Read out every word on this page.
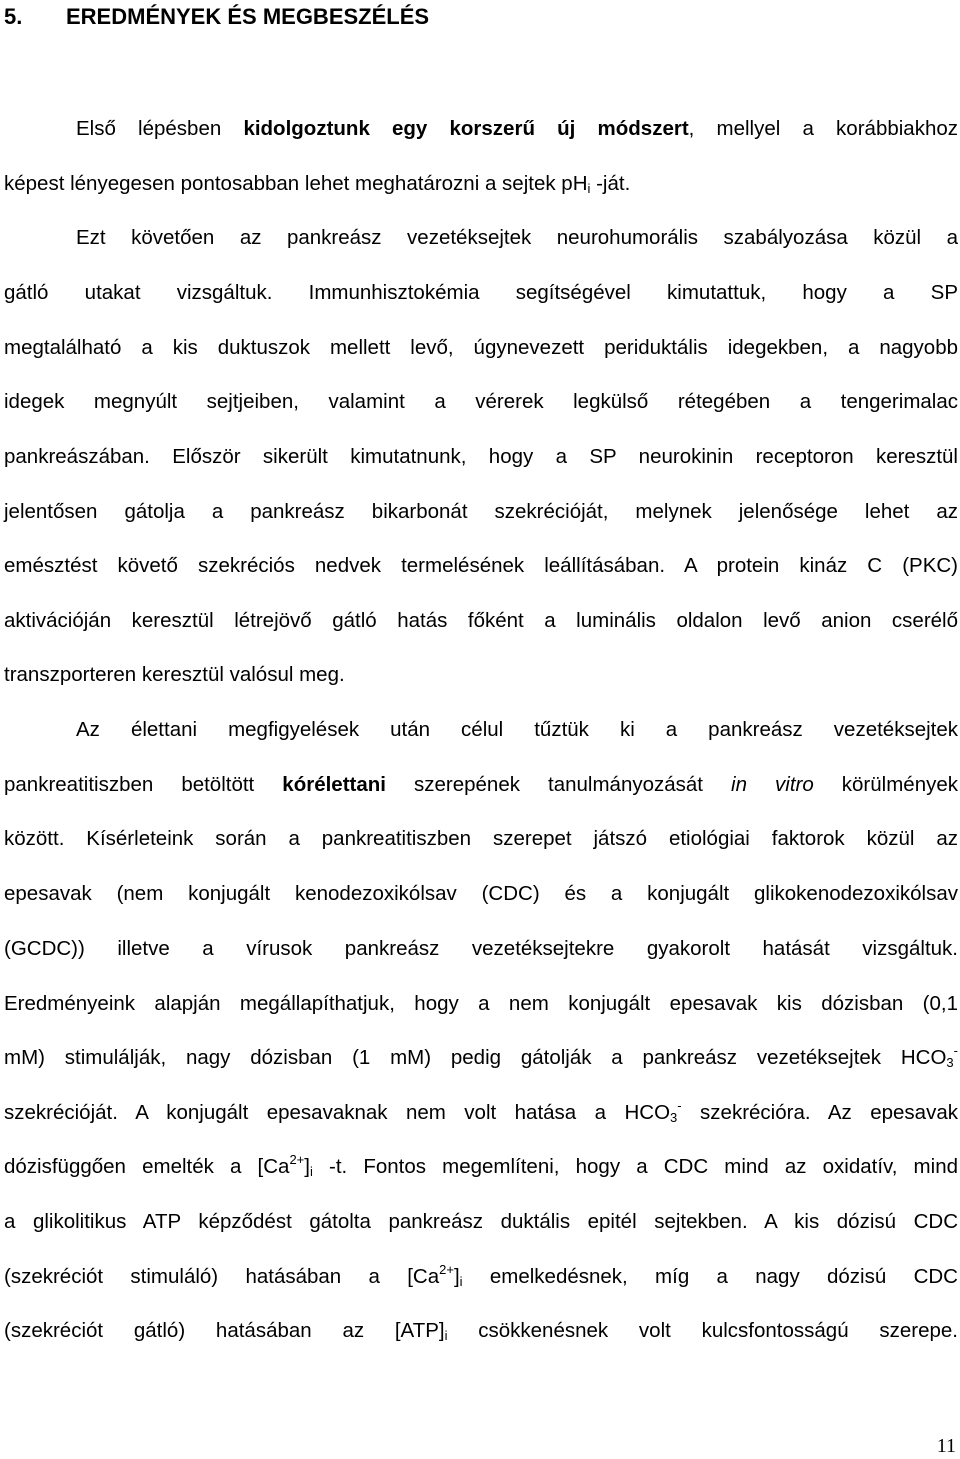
5. EREDMÉNYEK ÉS MEGBESZÉLÉS
Első lépésben kidolgoztunk egy korszerű új módszert, mellyel a korábbiakhoz
képest lényegesen pontosabban lehet meghatározni a sejtek $pH_i$ -ját.
Ezt követően az pankreász vezetéksejtek neurohumorális szabályozása közül a
gátló utakat vizsgáltuk. Immunhisztokémia segítségével kimutattuk, hogy a SP
megtalálható a kis duktuszok mellett levő, úgynevezett periduktális idegekben, a nagyobb
idegek megnyúlt sejtjeiben, valamint a vérerek legkülső rétegében a tengerimalac
pankreászában. Először sikerült kimutatnunk, hogy a SP neurokinin receptoron keresztül
jelentősen gátolja a pankreász bikarbonát szekrécióját, melynek jelenősége lehet az
emésztést követő szekréciós nedvek termelésének leállításában. A protein kináz C (PKC)
aktivációján keresztül létrejövő gátló hatás főként a luminális oldalon levő anion cserélő
transzporteren keresztül valósul meg.
Az élettani megfigyelések után célul tűztük ki a pankreász vezetéksejtek
pankreatitiszben betöltött kórélettani szerepének tanulmányozását in vitro körülmények
között. Kísérleteink során a pankreatitiszben szerepet játszó etiológiai faktorok közül az
epesavak (nem konjugált kenodezoxikólsav (CDC) és a konjugált glikokenodezoxikólsav
(GCDC)) illetve a vírusok pankreász vezetéksejtekre gyakorolt hatását vizsgáltuk.
Eredményeink alapján megállapíthatjuk, hogy a nem konjugált epesavak kis dózisban (0,1
mM) stimulálják, nagy dózisban (1 mM) pedig gátolják a pankreász vezetéksejtek $HCO_3^-$
szekrécióját. A konjugált epesavaknak nem volt hatása a $HCO_3^-$ szekrécióra. Az epesavak
dózisfüggően emelték a $[Ca^{2+}]_i$ -t. Fontos megemlíteni, hogy a CDC mind az oxidatív, mind
a glikolitikus ATP képződést gátolta pankreász duktális epitél sejtekben. A kis dózisú CDC
(szekréciót stimuláló) hatásában a $[Ca^{2+}]_i$ emelkedésnek, míg a nagy dózisú CDC
(szekréciót gátló) hatásában az $[ATP]_i$ csökkenésnek volt kulcsfontosságú szerepe.
11
